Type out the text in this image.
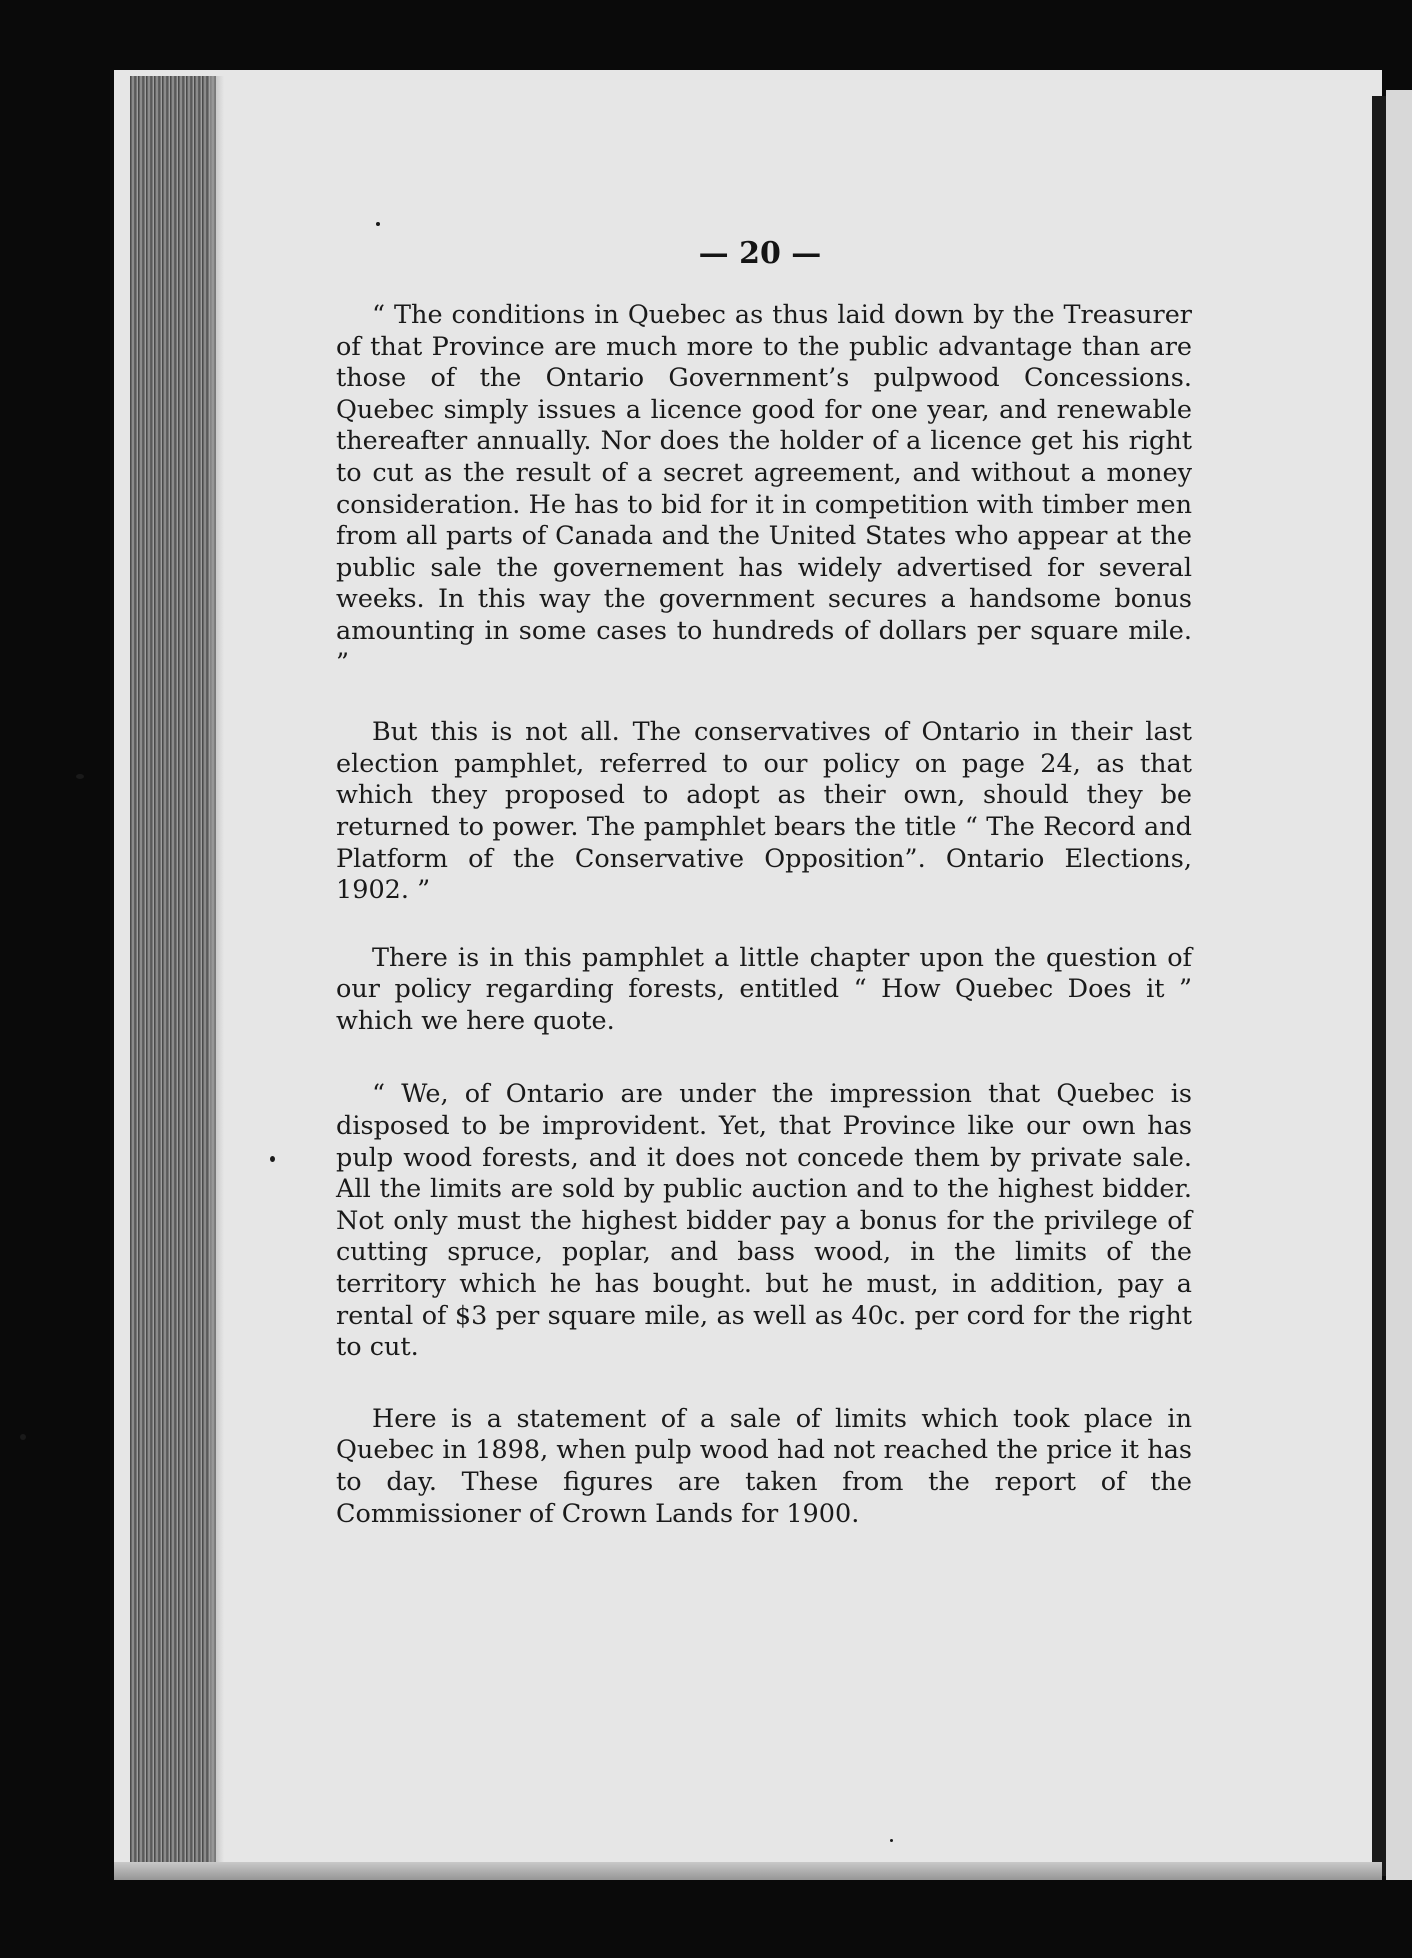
— 20 —

“ The conditions in Quebec as thus laid down by the Treasurer of that Province are much more to the public advantage than are those of the Ontario Government’s pulpwood Concessions. Quebec simply issues a licence good for one year, and renewable thereafter annually. Nor does the holder of a licence get his right to cut as the result of a secret agreement, and without a money consideration. He has to bid for it in competition with timber men from all parts of Canada and the United States who appear at the public sale the governement has widely advertised for several weeks. In this way the government secures a handsome bonus amounting in some cases to hundreds of dollars per square mile. ”

But this is not all. The conservatives of Ontario in their last election pamphlet, referred to our policy on page 24, as that which they proposed to adopt as their own, should they be returned to power. The pamphlet bears the title “ The Record and Platform of the Conservative Opposition”. Ontario Elections, 1902. ”

There is in this pamphlet a little chapter upon the question of our policy regarding forests, entitled “ How Quebec Does it ” which we here quote.

“ We, of Ontario are under the impression that Quebec is disposed to be improvident. Yet, that Province like our own has pulp wood forests, and it does not concede them by private sale. All the limits are sold by public auction and to the highest bidder. Not only must the highest bidder pay a bonus for the privilege of cutting spruce, poplar, and bass wood, in the limits of the territory which he has bought. but he must, in addition, pay a rental of $3 per square mile, as well as 40c. per cord for the right to cut.

Here is a statement of a sale of limits which took place in Quebec in 1898, when pulp wood had not reached the price it has to day. These figures are taken from the report of the Commissioner of Crown Lands for 1900.
